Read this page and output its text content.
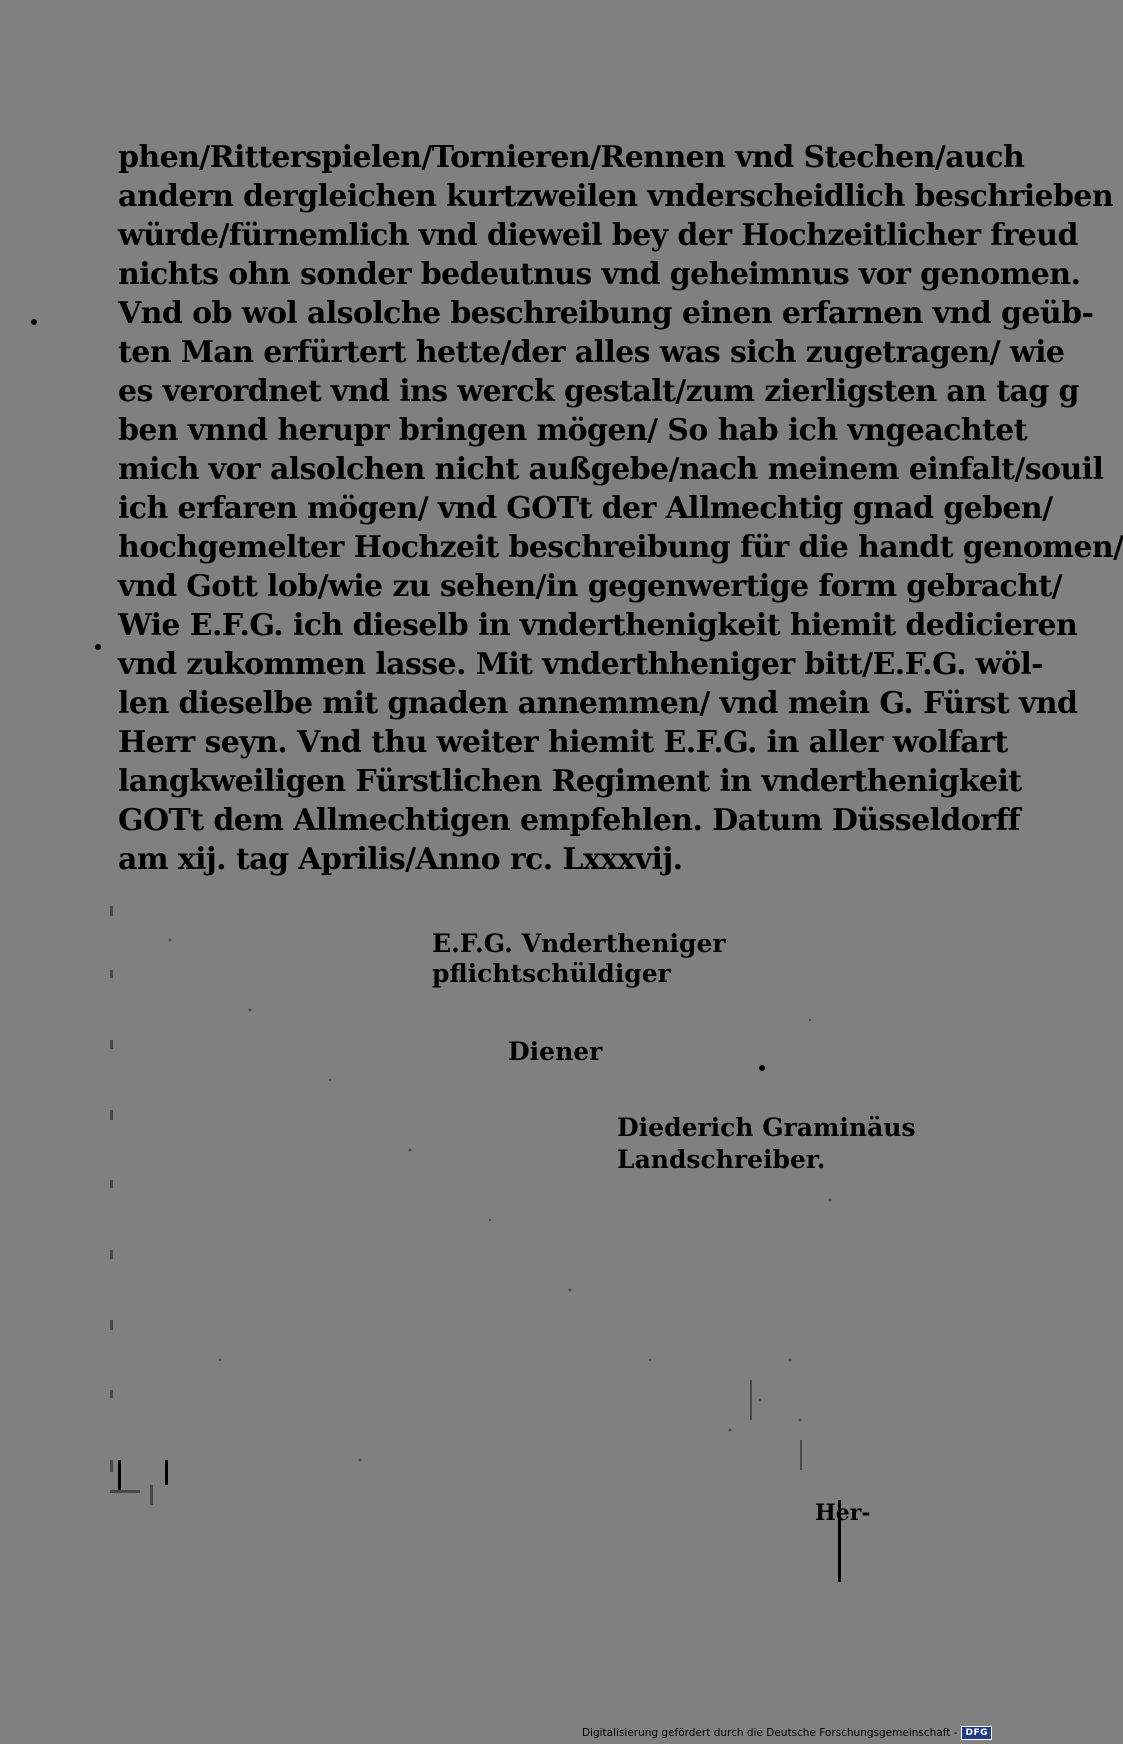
phen/Ritterspielen/Tornieren/Rennen vnd Stechen/auch
andern dergleichen kurtzweilen vnderscheidlich beschrieben
würde/fürnemlich vnd dieweil bey der Hochzeitlicher freud
nichts ohn sonder bedeutnus vnd geheimnus vor genomen.
Vnd ob wol alsolche beschreibung einen erfarnen vnd geüb-
ten Man erfürtert hette/der alles was sich zugetragen/ wie
es verordnet vnd ins werck gestalt/zum zierligsten an tag g
ben vnnd herupr bringen mögen/ So hab ich vngeachtet
mich vor alsolchen nicht außgebe/nach meinem einfalt/souil
ich erfaren mögen/ vnd GOTt der Allmechtig gnad geben/
hochgemelter Hochzeit beschreibung für die handt genomen/
vnd Gott lob/wie zu sehen/in gegenwertige form gebracht/
Wie E.F.G. ich dieselb in vnderthenigkeit hiemit dedicieren
vnd zukommen lasse. Mit vnderthheniger bitt/E.F.G. wöl-
len dieselbe mit gnaden annemmen/ vnd mein G. Fürst vnd
Herr seyn. Vnd thu weiter hiemit E.F.G. in aller wolfart
langkweiligen Fürstlichen Regiment in vnderthenigkeit
GOTt dem Allmechtigen empfehlen. Datum Düsseldorff
am xij. tag Aprilis/Anno rc. Lxxxvij.
E.F.G. Vndertheniger
pflichtschüldiger
Diener
Diederich Graminäus
Landschreiber.
Her-
Digitalisierung gefördert durch die Deutsche Forschungsgemeinschaft - DFG
